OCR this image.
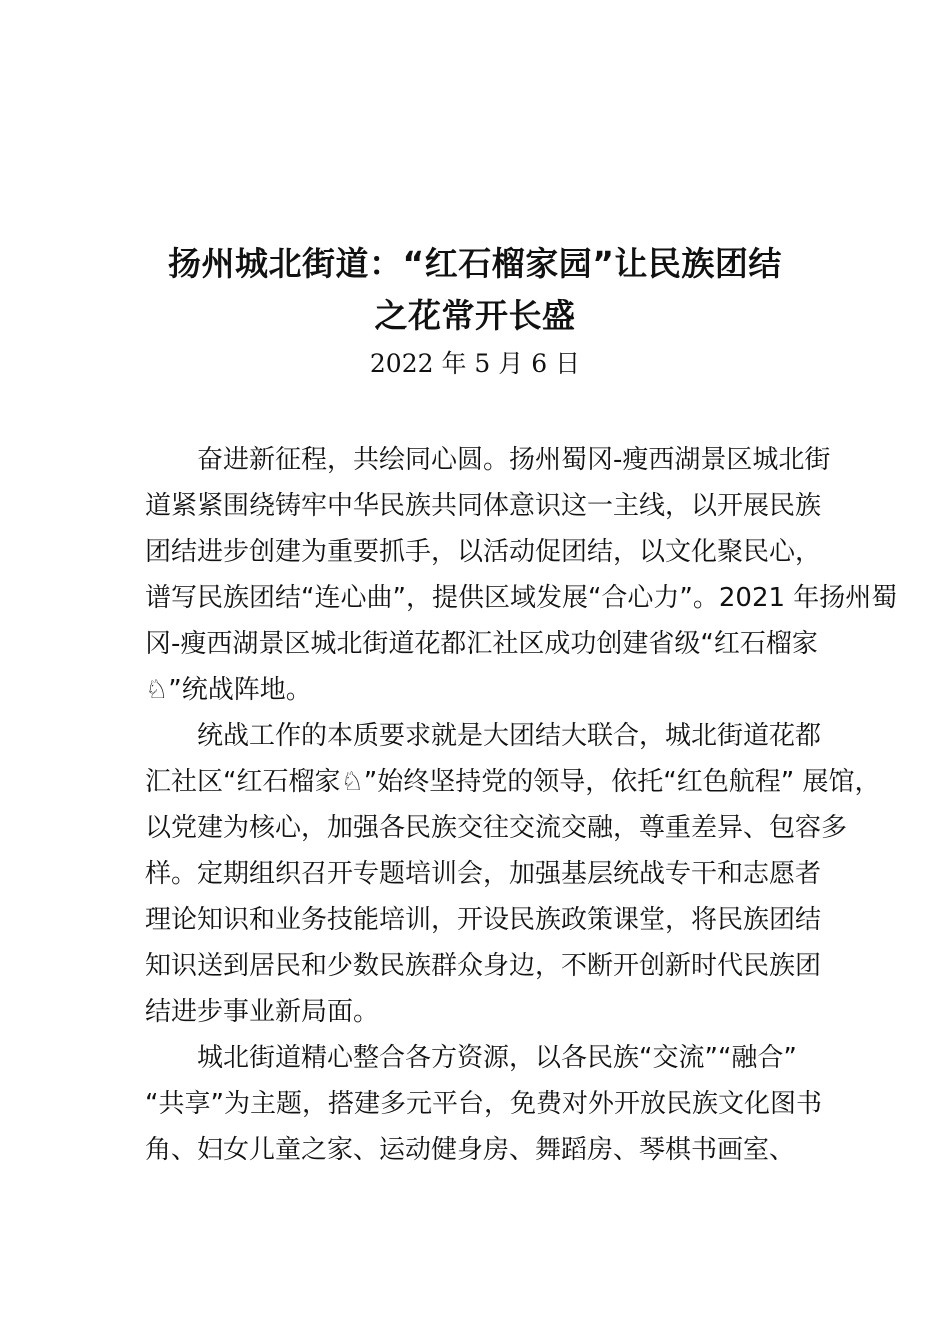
扬州城北街道：“红石榴家园”让民族团结
之花常开长盛
2022 年 5 月 6 日
奋进新征程，共绘同心圆。扬州蜀冈-瘦西湖景区城北街
道紧紧围绕铸牢中华民族共同体意识这一主线，以开展民族
团结进步创建为重要抓手，以活动促团结，以文化聚民心，
谱写民族团结“连心曲”，提供区域发展“合心力”。2021 年扬州蜀
冈-瘦西湖景区城北街道花都汇社区成功创建省级“红石榴家
♘”统战阵地。
统战工作的本质要求就是大团结大联合，城北街道花都
汇社区“红石榴家♘”始终坚持党的领导，依托“红色航程” 展馆，
以党建为核心，加强各民族交往交流交融，尊重差异、包容多
样。定期组织召开专题培训会，加强基层统战专干和志愿者
理论知识和业务技能培训，开设民族政策课堂，将民族团结
知识送到居民和少数民族群众身边，不断开创新时代民族团
结进步事业新局面。
城北街道精心整合各方资源，以各民族“交流”“融合”
“共享”为主题，搭建多元平台，免费对外开放民族文化图书
角、妇女儿童之家、运动健身房、舞蹈房、琴棋书画室、
